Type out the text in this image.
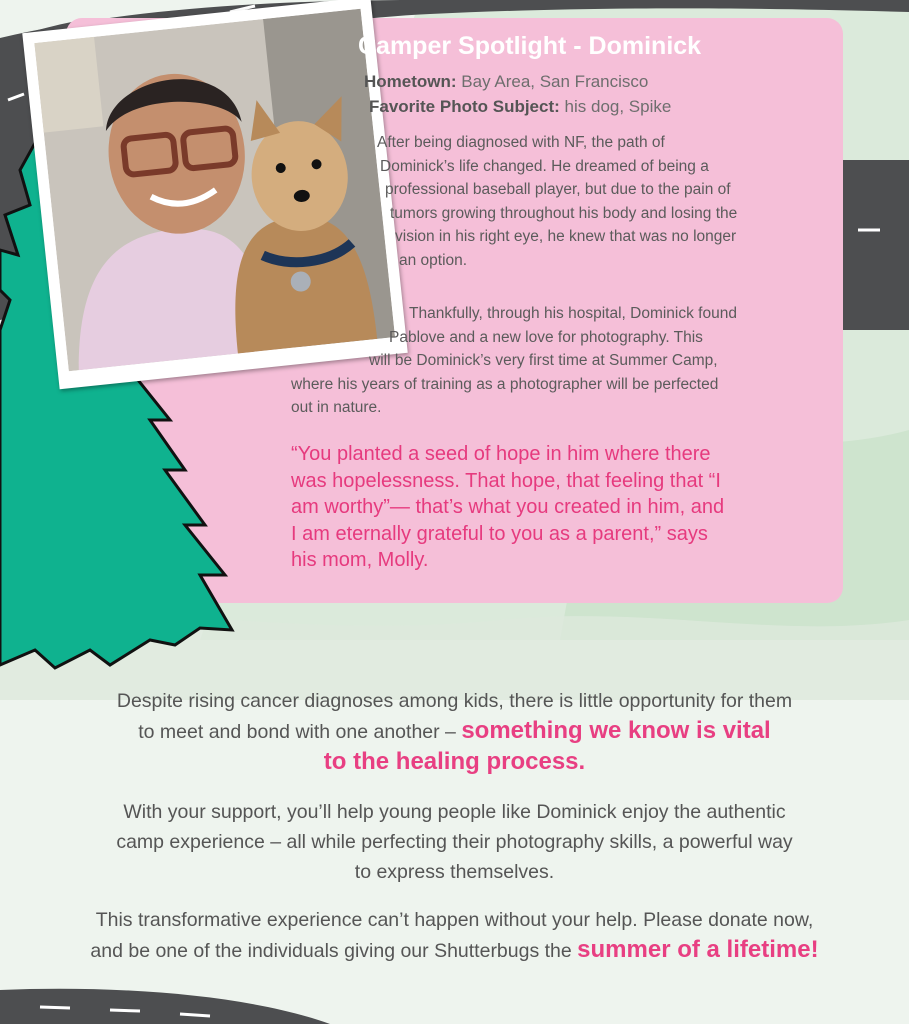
Camper Spotlight - Dominick
Hometown: Bay Area, San Francisco
Favorite Photo Subject: his dog, Spike
After being diagnosed with NF, the path of
Dominick’s life changed. He dreamed of being a
professional baseball player, but due to the pain of
tumors growing throughout his body and losing the
vision in his right eye, he knew that was no longer
an option.
Thankfully, through his hospital, Dominick found
Pablove and a new love for photography. This
will be Dominick’s very first time at Summer Camp,
where his years of training as a photographer will be perfected
out in nature.
“You planted a seed of hope in him where there
was hopelessness. That hope, that feeling that “I
am worthy”— that’s what you created in him, and
I am eternally grateful to you as a parent,” says
his mom, Molly.
Despite rising cancer diagnoses among kids, there is little opportunity for them
to meet and bond with one another – something we know is vital
to the healing process.
With your support, you’ll help young people like Dominick enjoy the authentic
camp experience – all while perfecting their photography skills, a powerful way
to express themselves.
This transformative experience can’t happen without your help. Please donate now,
and be one of the individuals giving our Shutterbugs the summer of a lifetime!
